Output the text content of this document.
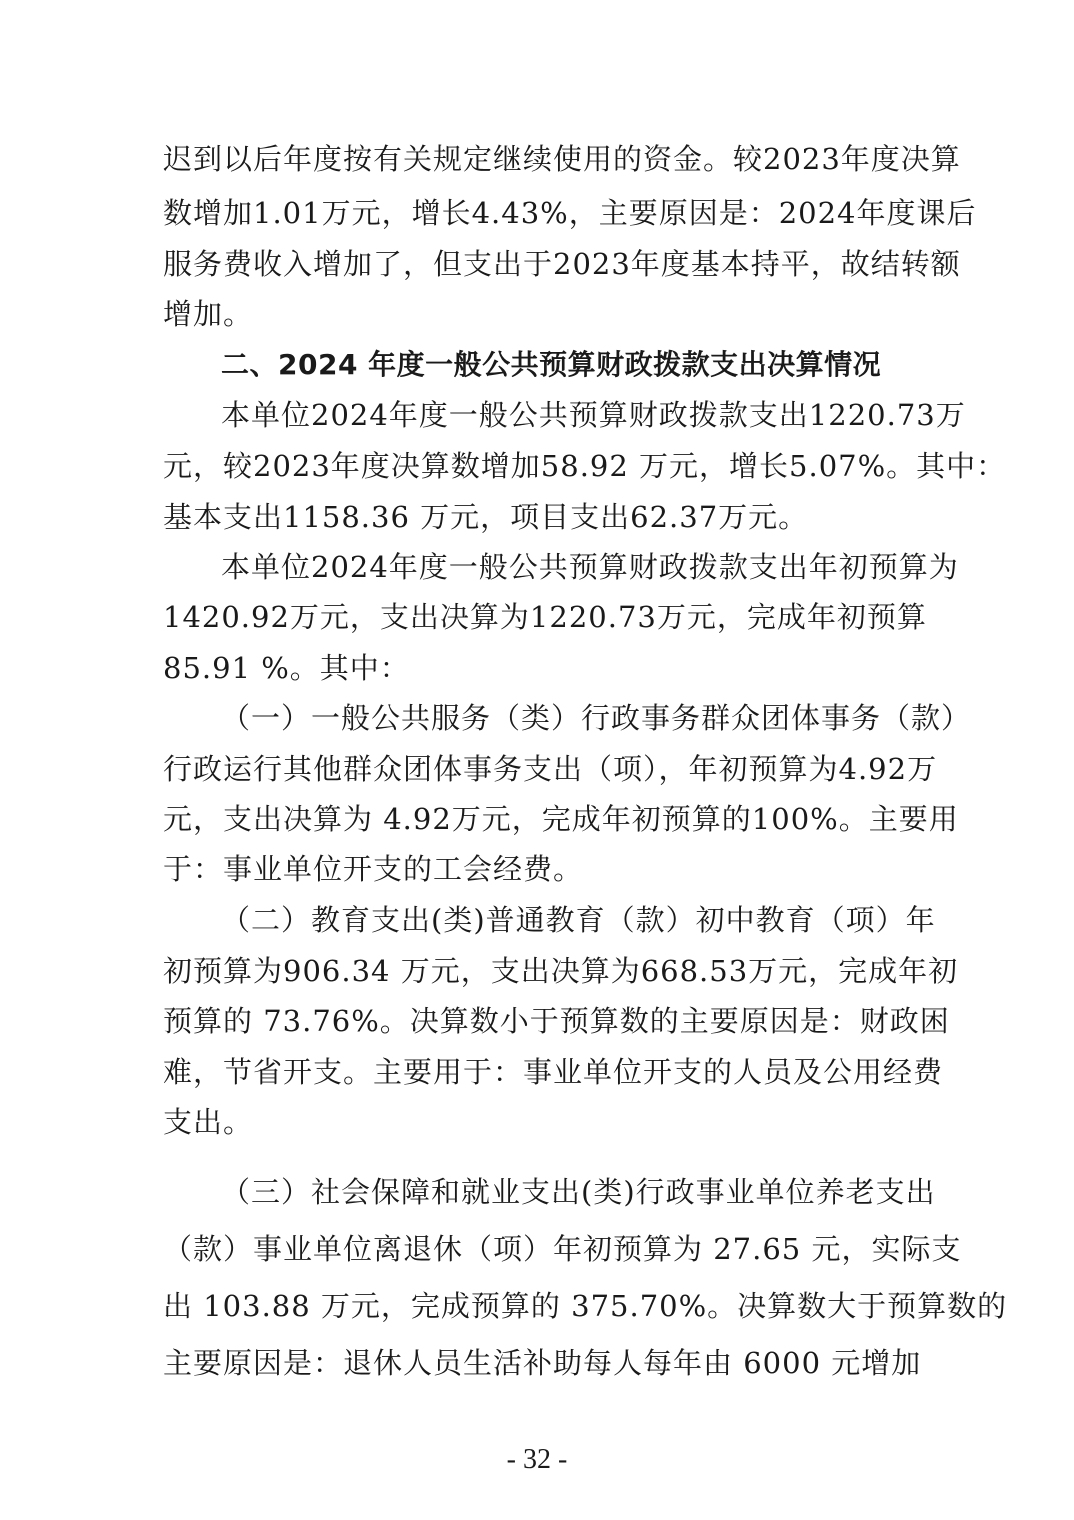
迟到以后年度按有关规定继续使用的资金。较2023年度决算
数增加1.01万元，增长4.43%，主要原因是：2024年度课后
服务费收入增加了，但支出于2023年度基本持平，故结转额
增加。
二、2024 年度一般公共预算财政拨款支出决算情况
本单位2024年度一般公共预算财政拨款支出1220.73万
元，较2023年度决算数增加58.92 万元，增长5.07%。其中：
基本支出1158.36 万元，项目支出62.37万元。
本单位2024年度一般公共预算财政拨款支出年初预算为
1420.92万元，支出决算为1220.73万元，完成年初预算
85.91 %。其中：
（一）一般公共服务（类）行政事务群众团体事务（款）
行政运行其他群众团体事务支出（项），年初预算为4.92万
元，支出决算为 4.92万元，完成年初预算的100%。主要用
于：事业单位开支的工会经费。
（二）教育支出(类)普通教育（款）初中教育（项）年
初预算为906.34 万元，支出决算为668.53万元，完成年初
预算的 73.76%。决算数小于预算数的主要原因是：财政困
难，节省开支。主要用于：事业单位开支的人员及公用经费
支出。
（三）社会保障和就业支出(类)行政事业单位养老支出
（款）事业单位离退休（项）年初预算为 27.65 元，实际支
出 103.88 万元，完成预算的 375.70%。决算数大于预算数的
主要原因是：退休人员生活补助每人每年由 6000 元增加
- 32 -
